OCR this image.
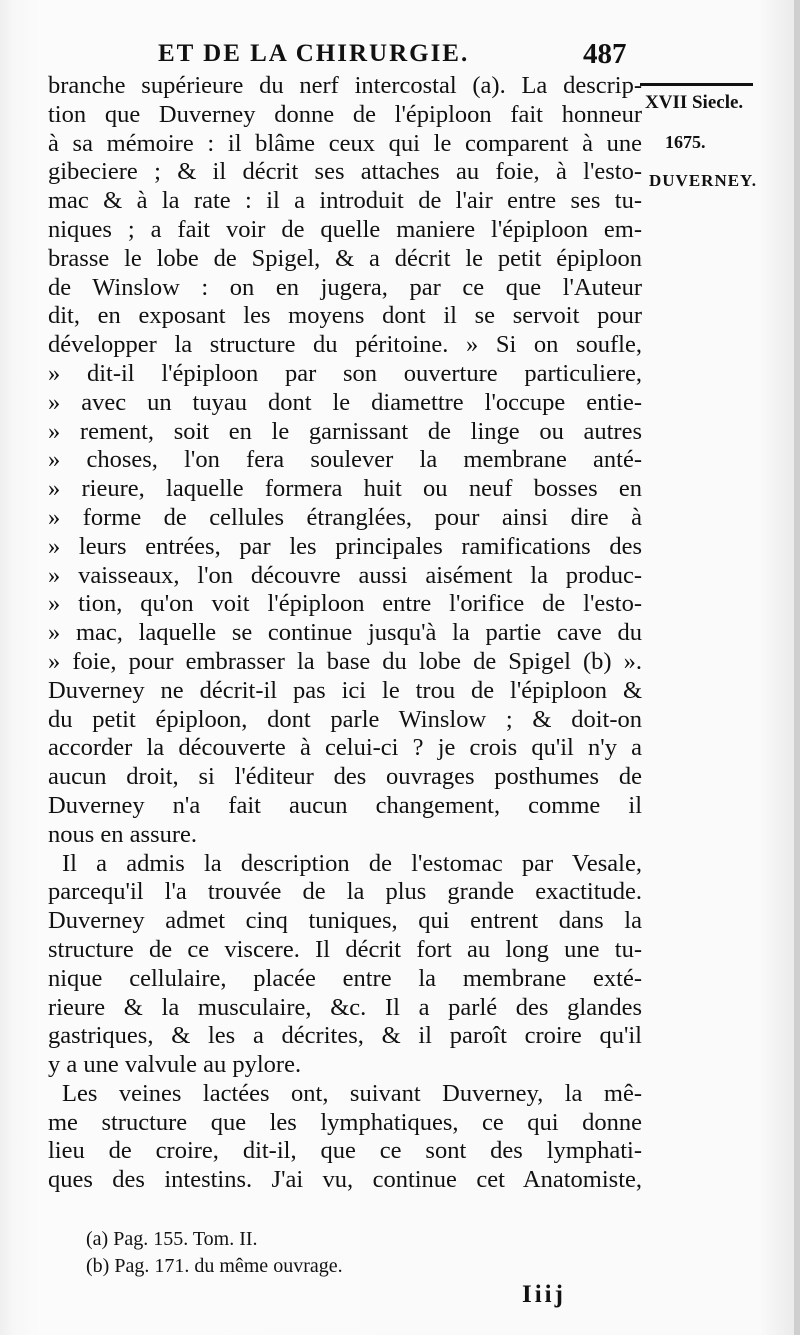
ET DE LA CHIRURGIE.	487
XVII Siecle.
1675.
DUVERNEY.
branche supérieure du nerf intercostal (a). La descrip-
tion que Duverney donne de l'épiploon fait honneur
à sa mémoire : il blâme ceux qui le comparent à une
gibeciere ; & il décrit ses attaches au foie, à l'esto-
mac & à la rate : il a introduit de l'air entre ses tu-
niques ; a fait voir de quelle maniere l'épiploon em-
brasse le lobe de Spigel, & a décrit le petit épiploon
de Winslow : on en jugera, par ce que l'Auteur
dit, en exposant les moyens dont il se servoit pour
développer la structure du péritoine. » Si on soufle,
» dit-il l'épiploon par son ouverture particuliere,
» avec un tuyau dont le diamettre l'occupe entie-
» rement, soit en le garnissant de linge ou autres
» choses, l'on fera soulever la membrane anté-
» rieure, laquelle formera huit ou neuf bosses en
» forme de cellules étranglées, pour ainsi dire à
» leurs entrées, par les principales ramifications des
» vaisseaux, l'on découvre aussi aisément la produc-
» tion, qu'on voit l'épiploon entre l'orifice de l'esto-
» mac, laquelle se continue jusqu'à la partie cave du
» foie, pour embrasser la base du lobe de Spigel (b) ».
Duverney ne décrit-il pas ici le trou de l'épiploon &
du petit épiploon, dont parle Winslow ; & doit-on
accorder la découverte à celui-ci ? je crois qu'il n'y a
aucun droit, si l'éditeur des ouvrages posthumes de
Duverney n'a fait aucun changement, comme il
nous en assure.
Il a admis la description de l'estomac par Vesale,
parcequ'il l'a trouvée de la plus grande exactitude.
Duverney admet cinq tuniques, qui entrent dans la
structure de ce viscere. Il décrit fort au long une tu-
nique cellulaire, placée entre la membrane exté-
rieure & la musculaire, &c. Il a parlé des glandes
gastriques, & les a décrites, & il paroît croire qu'il
y a une valvule au pylore.
Les veines lactées ont, suivant Duverney, la mê-
me structure que les lymphatiques, ce qui donne
lieu de croire, dit-il, que ce sont des lymphati-
ques des intestins. J'ai vu, continue cet Anatomiste,
(a) Pag. 155. Tom. II.
(b) Pag. 171. du même ouvrage.
Iiij
